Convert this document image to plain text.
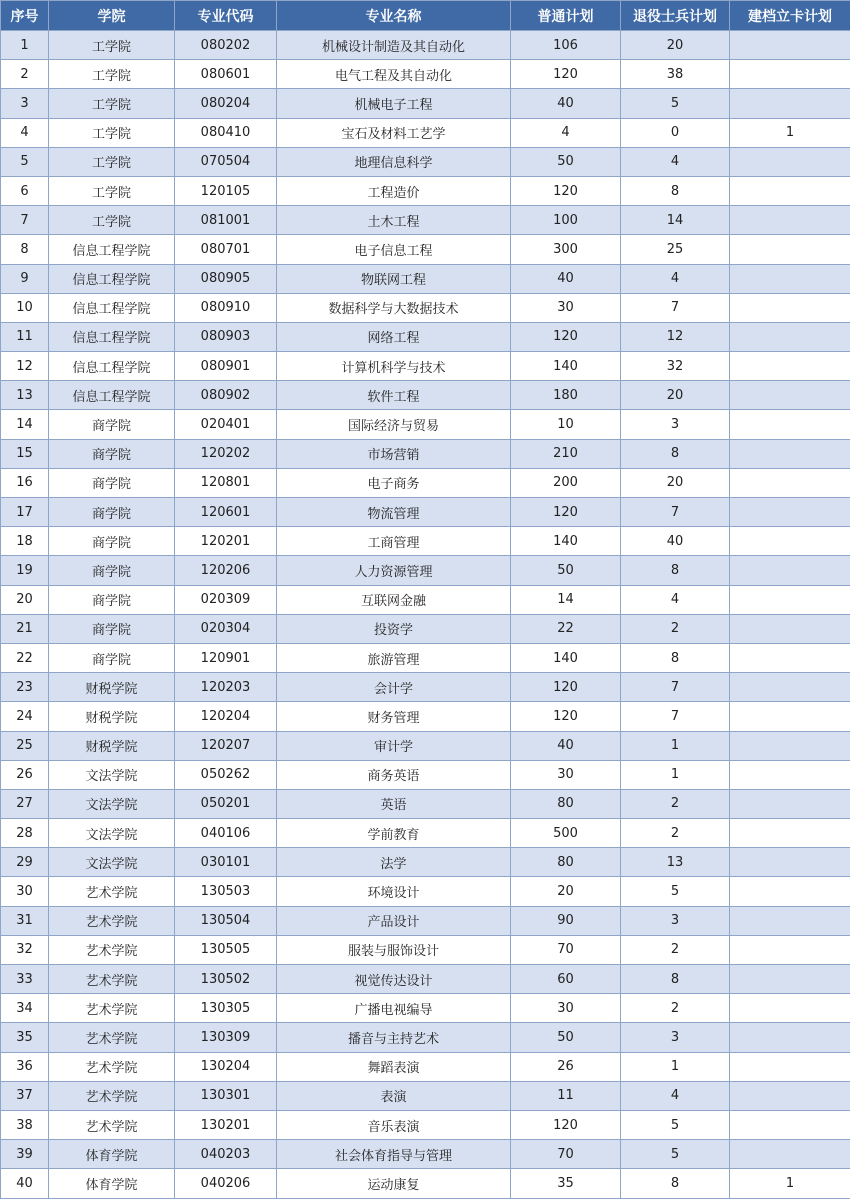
序号	学院	专业代码	专业名称	普通计划	退役士兵计划	建档立卡计划
1	工学院	080202	机械设计制造及其自动化	106	20	
2	工学院	080601	电气工程及其自动化	120	38	
3	工学院	080204	机械电子工程	40	5	
4	工学院	080410	宝石及材料工艺学	4	0	1
5	工学院	070504	地理信息科学	50	4	
6	工学院	120105	工程造价	120	8	
7	工学院	081001	土木工程	100	14	
8	信息工程学院	080701	电子信息工程	300	25	
9	信息工程学院	080905	物联网工程	40	4	
10	信息工程学院	080910	数据科学与大数据技术	30	7	
11	信息工程学院	080903	网络工程	120	12	
12	信息工程学院	080901	计算机科学与技术	140	32	
13	信息工程学院	080902	软件工程	180	20	
14	商学院	020401	国际经济与贸易	10	3	
15	商学院	120202	市场营销	210	8	
16	商学院	120801	电子商务	200	20	
17	商学院	120601	物流管理	120	7	
18	商学院	120201	工商管理	140	40	
19	商学院	120206	人力资源管理	50	8	
20	商学院	020309	互联网金融	14	4	
21	商学院	020304	投资学	22	2	
22	商学院	120901	旅游管理	140	8	
23	财税学院	120203	会计学	120	7	
24	财税学院	120204	财务管理	120	7	
25	财税学院	120207	审计学	40	1	
26	文法学院	050262	商务英语	30	1	
27	文法学院	050201	英语	80	2	
28	文法学院	040106	学前教育	500	2	
29	文法学院	030101	法学	80	13	
30	艺术学院	130503	环境设计	20	5	
31	艺术学院	130504	产品设计	90	3	
32	艺术学院	130505	服装与服饰设计	70	2	
33	艺术学院	130502	视觉传达设计	60	8	
34	艺术学院	130305	广播电视编导	30	2	
35	艺术学院	130309	播音与主持艺术	50	3	
36	艺术学院	130204	舞蹈表演	26	1	
37	艺术学院	130301	表演	11	4	
38	艺术学院	130201	音乐表演	120	5	
39	体育学院	040203	社会体育指导与管理	70	5	
40	体育学院	040206	运动康复	35	8	1
